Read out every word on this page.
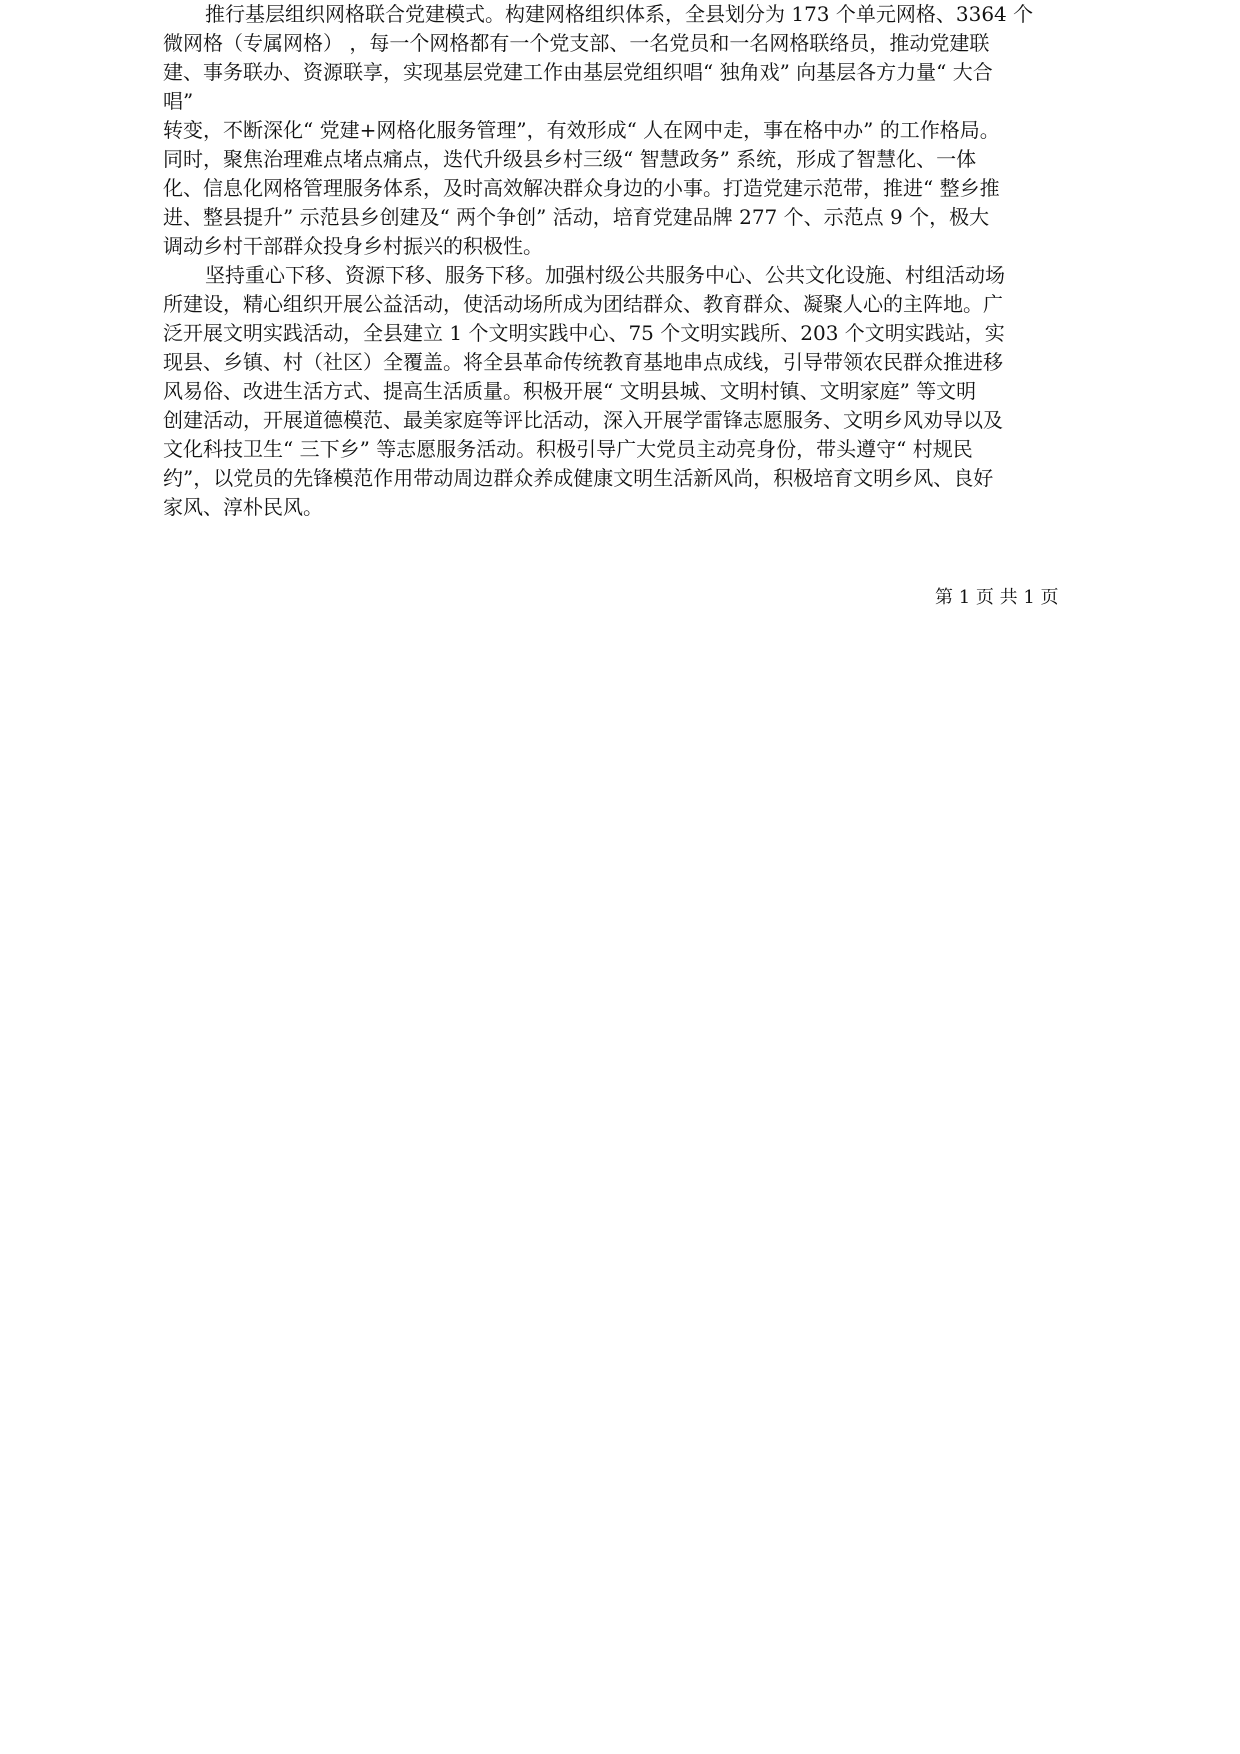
推行基层组织网格联合党建模式。构建网格组织体系，全县划分为 173 个单元网格、3364 个
微网格（专属网格） ，每一个网格都有一个党支部、一名党员和一名网格联络员，推动党建联
建、事务联办、资源联享，实现基层党建工作由基层党组织唱“ 独角戏” 向基层各方力量“ 大合
唱”
转变，不断深化“ 党建+网格化服务管理”，有效形成“ 人在网中走，事在格中办” 的工作格局。
同时，聚焦治理难点堵点痛点，迭代升级县乡村三级“ 智慧政务” 系统，形成了智慧化、一体
化、信息化网格管理服务体系，及时高效解决群众身边的小事。打造党建示范带，推进“ 整乡推
进、整县提升” 示范县乡创建及“ 两个争创” 活动，培育党建品牌 277 个、示范点 9 个，极大
调动乡村干部群众投身乡村振兴的积极性。
坚持重心下移、资源下移、服务下移。加强村级公共服务中心、公共文化设施、村组活动场
所建设，精心组织开展公益活动，使活动场所成为团结群众、教育群众、凝聚人心的主阵地。广
泛开展文明实践活动，全县建立 1 个文明实践中心、75 个文明实践所、203 个文明实践站，实
现县、乡镇、村（社区）全覆盖。将全县革命传统教育基地串点成线，引导带领农民群众推进移
风易俗、改进生活方式、提高生活质量。积极开展“ 文明县城、文明村镇、文明家庭” 等文明
创建活动，开展道德模范、最美家庭等评比活动，深入开展学雷锋志愿服务、文明乡风劝导以及
文化科技卫生“ 三下乡” 等志愿服务活动。积极引导广大党员主动亮身份，带头遵守“ 村规民
约”，以党员的先锋模范作用带动周边群众养成健康文明生活新风尚，积极培育文明乡风、良好
家风、淳朴民风。
第 1 页 共 1 页
